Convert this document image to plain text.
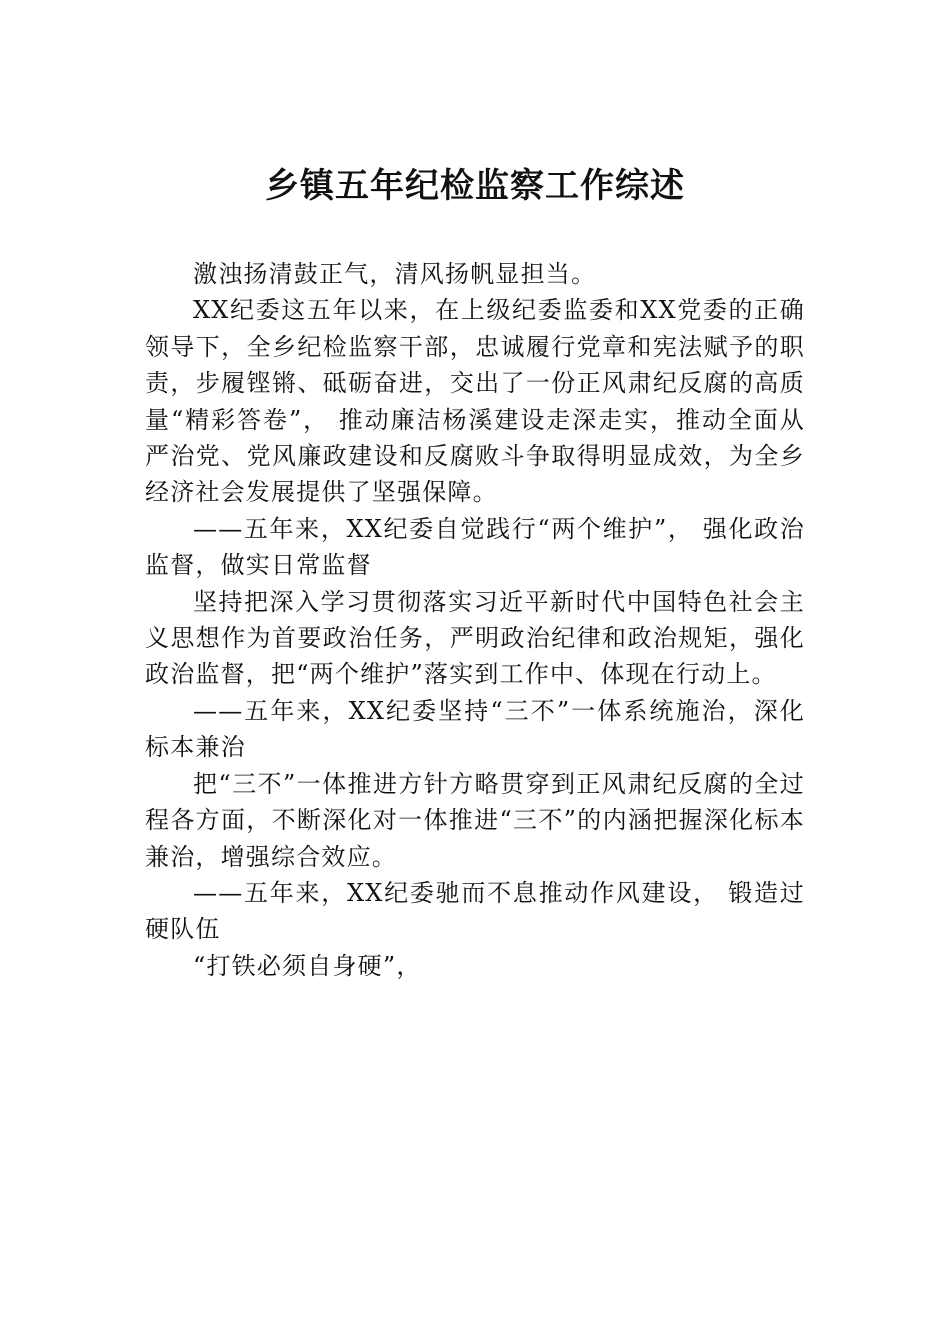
乡镇五年纪检监察工作综述

激浊扬清鼓正气，清风扬帆显担当。

XX纪委这五年以来，在上级纪委监委和XX党委的正确领导下，全乡纪检监察干部，忠诚履行党章和宪法赋予的职责，步履铿锵、砥砺奋进，交出了一份正风肃纪反腐的高质量“精彩答卷”， 推动廉洁杨溪建设走深走实，推动全面从严治党、党风廉政建设和反腐败斗争取得明显成效，为全乡经济社会发展提供了坚强保障。

——五年来，XX纪委自觉践行“两个维护”， 强化政治监督，做实日常监督

坚持把深入学习贯彻落实习近平新时代中国特色社会主义思想作为首要政治任务，严明政治纪律和政治规矩，强化政治监督，把“两个维护”落实到工作中、体现在行动上。

——五年来，XX纪委坚持“三不”一体系统施治，深化标本兼治

把“三不”一体推进方针方略贯穿到正风肃纪反腐的全过程各方面，不断深化对一体推进“三不”的内涵把握深化标本兼治，增强综合效应。

——五年来，XX纪委驰而不息推动作风建设， 锻造过硬队伍

“打铁必须自身硬”，
